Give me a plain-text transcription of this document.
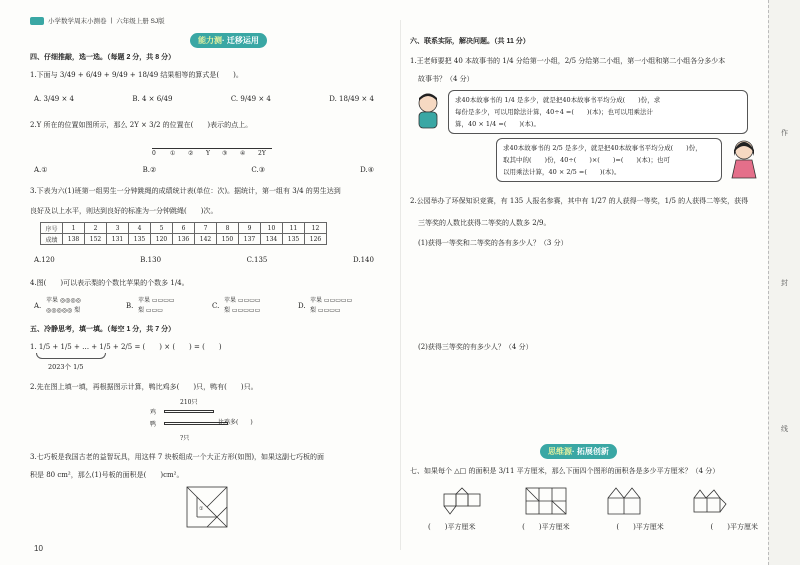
小学数学周末小测卷 | 六年级上册 SJ版
能力测· 迁移运用
四、仔细推敲，选一选。（每题 2 分，共 8 分）
1.下面与 3/49 + 6/49 + 9/49 + 18/49 结果相等的算式是(　　)。
A. 3/49 × 4	B. 4 × 6/49	C. 9/49 × 4	D. 18/49 × 4
2.Y 所在的位置如图所示，那么 2Y × 3/2 的位置在(　　)表示的点上。
0 ① ② Y ③ ④ 2Y
A.①	B.②	C.③	D.④
3.下表为六(1)班第一组男生一分钟跳绳的成绩统计表(单位：次)。据统计，第一组有 3/4 的男生达到
良好及以上水平，则达到良好的标准为一分钟跳绳(　　)次。
序号	1	2	3	4	5	6	7	8	9	10	11	12
成绩	138	152	131	135	120	136	142	150	137	134	135	126
A.120	B.130	C.135	D.140
4.图(　　)可以表示梨的个数比苹果的个数多 1/4。
A.
苹果 ◎◎◎◎
◎◎◎◎◎ 梨
B.
苹果 ▭▭▭▭
梨 ▭▭▭
C.
苹果 ▭▭▭▭
梨 ▭▭▭▭▭
D.
苹果 ▭▭▭▭▭
梨 ▭▭▭▭
五、冷静思考，填一填。（每空 1 分，共 7 分）
1. 1/5 + 1/5 + … + 1/5 + 2/5 = (　　) × (　　) = (　　)
2023个 1/5
2.先在图上填一填，再根据图示计算，鸭比鸡多(　　)只，鸭有(　　)只。
210只
鸡
鸭	比鸡多(　　)
?只
3.七巧板是我国古老的益智玩具，用这样 7 块板组成一个大正方形(如图)，如果这副七巧板的面
积是 80 cm²，那么(1)号板的面积是(　　)cm²。
①
10
六、联系实际，解决问题。（共 11 分）
1.王老师要把 40 本故事书的 1/4 分给第一小组，2/5 分给第二小组，第一小组和第二小组各分多少本
故事书？（4 分）
求40本故事书的 1/4 是多少，就是把40本故事书平均分成(　　)份，求
每份是多少，可以用除法计算，40÷4 =(　　)(本)；也可以用乘法计
算，40 × 1/4 =(　　)(本)。
求40本故事书的 2/5 是多少，就是把40本故事书平均分成(　　)份，
取其中的(　　)份，40÷(　　)×(　　)=(　　)(本)；也可
以用乘法计算，40 × 2/5 =(　　)(本)。
2.公园举办了环保知识竞赛，有 135 人报名参赛，其中有 1/27 的人获得一等奖，1/5 的人获得二等奖，获得
三等奖的人数比获得二等奖的人数多 2/9。
(1)获得一等奖和二等奖的各有多少人？（3 分）
(2)获得三等奖的有多少人？（4 分）
思维源· 拓展创新
七、如果每个 △□ 的面积是 3/11 平方厘米，那么下面四个图形的面积各是多少平方厘米？（4 分）
(　　)平方厘米	(　　)平方厘米	(　　)平方厘米	(　　)平方厘米
作
封
线
